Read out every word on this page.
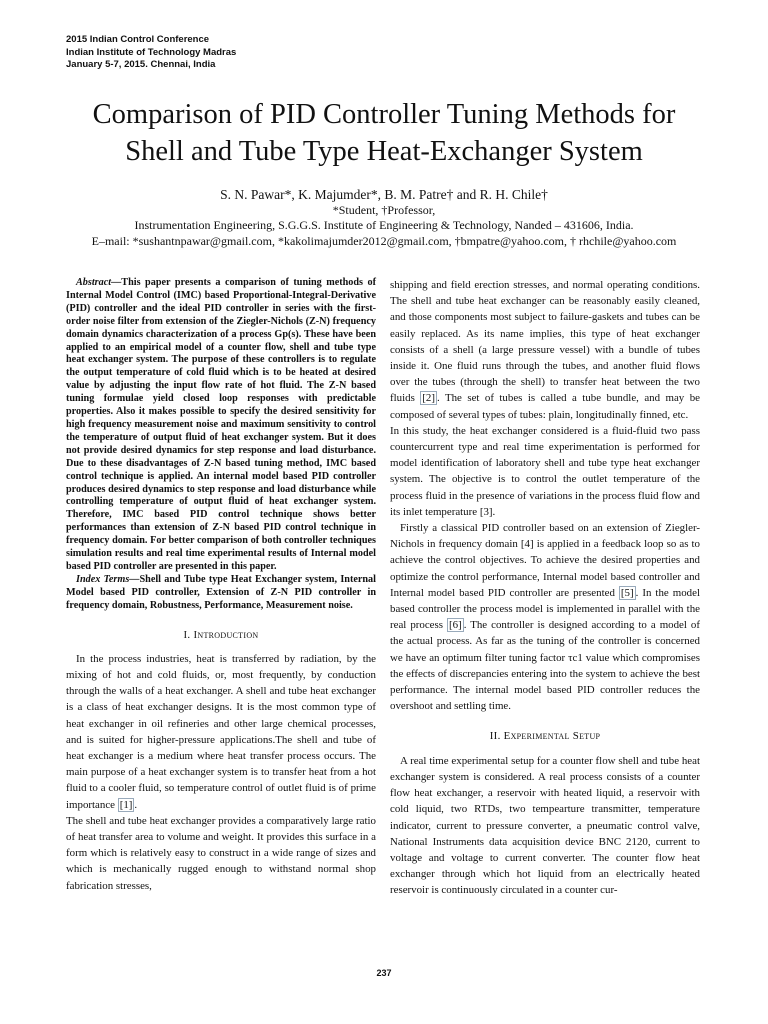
2015 Indian Control Conference
Indian Institute of Technology Madras
January 5-7, 2015. Chennai, India
Comparison of PID Controller Tuning Methods for
Shell and Tube Type Heat-Exchanger System
S. N. Pawar*, K. Majumder*, B. M. Patre† and R. H. Chile†
*Student, †Professor,
Instrumentation Engineering, S.G.G.S. Institute of Engineering & Technology, Nanded – 431606, India.
E–mail: *sushantnpawar@gmail.com, *kakolimajumder2012@gmail.com, †bmpatre@yahoo.com, † rhchile@yahoo.com

Abstract—This paper presents a comparison of tuning methods of Internal Model Control (IMC) based Proportional-Integral-Derivative (PID) controller and the ideal PID controller in series with the first-order noise filter from extension of the Ziegler-Nichols (Z-N) frequency domain dynamics characterization of a process Gp(s). These have been applied to an empirical model of a counter flow, shell and tube type heat exchanger system. The purpose of these controllers is to regulate the output temperature of cold fluid which is to be heated at desired value by adjusting the input flow rate of hot fluid. The Z-N based tuning formulae yield closed loop responses with predictable properties. Also it makes possible to specify the desired sensitivity for high frequency measurement noise and maximum sensitivity to control the temperature of output fluid of heat exchanger system. But it does not provide desired dynamics for step response and load disturbance. Due to these disadvantages of Z-N based tuning method, IMC based control technique is applied. An internal model based PID controller produces desired dynamics to step response and load disturbance while controlling temperature of output fluid of heat exchanger system. Therefore, IMC based PID control technique shows better performances than extension of Z-N based PID control technique in frequency domain. For better comparison of both controller techniques simulation results and real time experimental results of Internal model based PID controller are presented in this paper.

Index Terms—Shell and Tube type Heat Exchanger system, Internal Model based PID controller, Extension of Z-N PID controller in frequency domain, Robustness, Performance, Measurement noise.

I. Introduction

In the process industries, heat is transferred by radiation, by the mixing of hot and cold fluids, or, most frequently, by conduction through the walls of a heat exchanger. A shell and tube heat exchanger is a class of heat exchanger designs. It is the most common type of heat exchanger in oil refineries and other large chemical processes, and is suited for higher-pressure applications.The shell and tube of heat exchanger is a medium where heat transfer process occurs. The main purpose of a heat exchanger system is to transfer heat from a hot fluid to a cooler fluid, so temperature control of outlet fluid is of prime importance [1] .

The shell and tube heat exchanger provides a comparatively large ratio of heat transfer area to volume and weight. It provides this surface in a form which is relatively easy to construct in a wide range of sizes and which is mechanically rugged enough to withstand normal shop fabrication stresses,

shipping and field erection stresses, and normal operating conditions. The shell and tube heat exchanger can be reasonably easily cleaned, and those components most subject to failure-gaskets and tubes can be easily replaced. As its name implies, this type of heat exchanger consists of a shell (a large pressure vessel) with a bundle of tubes inside it. One fluid runs through the tubes, and another fluid flows over the tubes (through the shell) to transfer heat between the two fluids [2] . The set of tubes is called a tube bundle, and may be composed of several types of tubes: plain, longitudinally finned, etc.

In this study, the heat exchanger considered is a fluid-fluid two pass countercurrent type and real time experimentation is performed for model identification of laboratory shell and tube type heat exchanger system. The objective is to control the outlet temperature of the process fluid in the presence of variations in the process fluid flow and its inlet temperature [3].

Firstly a classical PID controller based on an extension of Ziegler-Nichols in frequency domain [4] is applied in a feedback loop so as to achieve the control objectives. To achieve the desired properties and optimize the control performance, Internal model based controller and Internal model based PID controller are presented [5] . In the model based controller the process model is implemented in parallel with the real process [6] . The controller is designed according to a model of the actual process. As far as the tuning of the controller is concerned we have an optimum filter tuning factor τc1 value which compromises the effects of discrepancies entering into the system to achieve the best performance. The internal model based PID controller reduces the overshoot and settling time.

II. Experimental Setup

A real time experimental setup for a counter flow shell and tube heat exchanger system is considered. A real process consists of a counter flow heat exchanger, a reservoir with heated liquid, a reservoir with cold liquid, two RTDs, two tempearture transmitter, temperature indicator, current to pressure converter, a pneumatic control valve, National Instruments data acquisition device BNC 2120, current to voltage and voltage to current converter. The counter flow heat exchanger through which hot liquid from an electrically heated reservoir is continuously circulated in a counter cur-

237
